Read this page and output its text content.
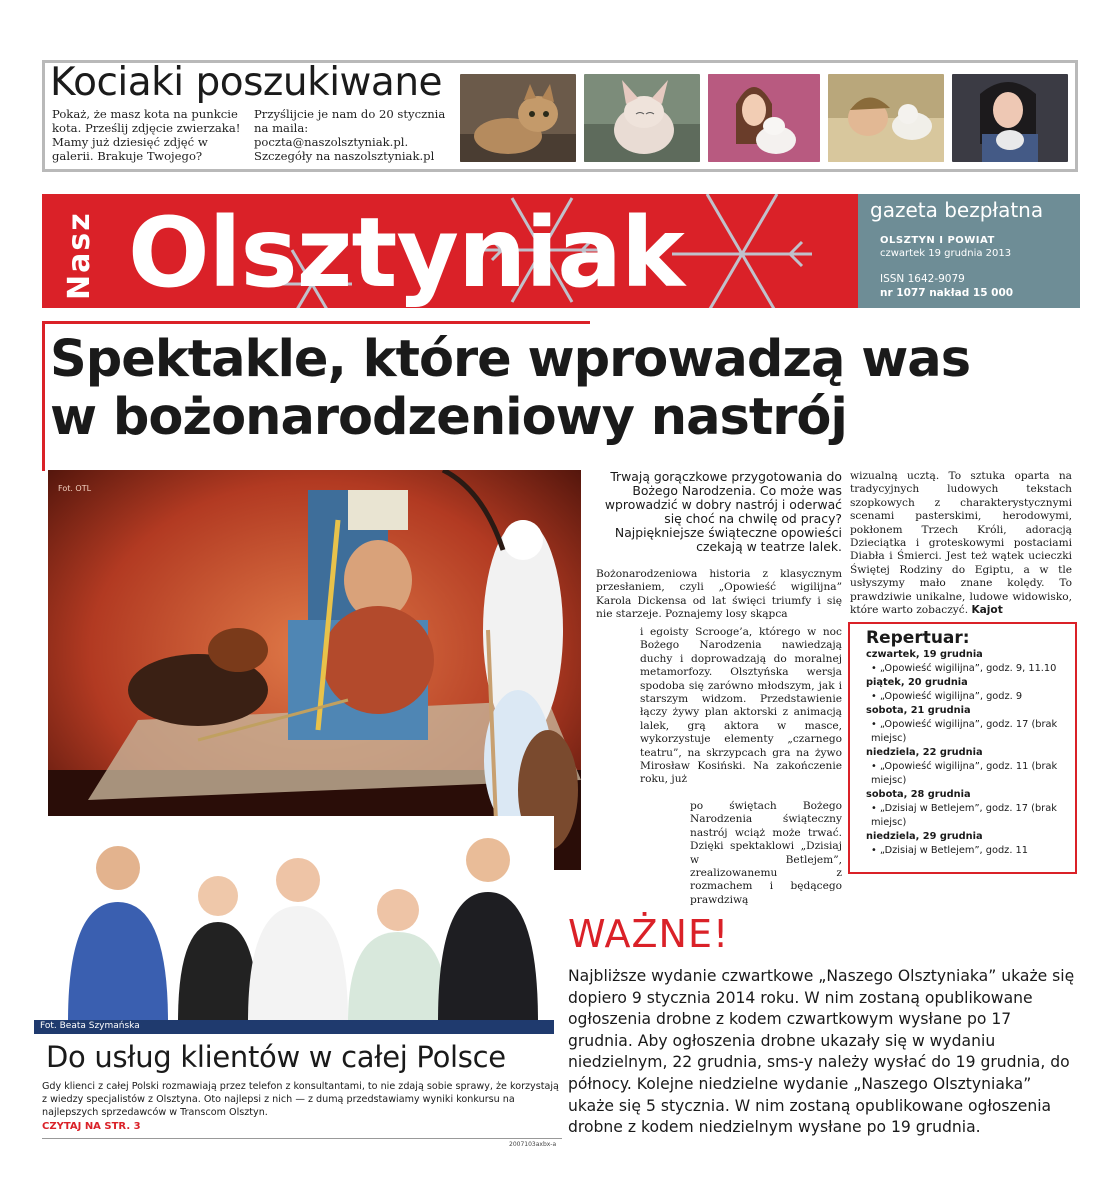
Kociaki poszukiwane
Pokaż, że masz kota na punkcie kota. Prześlij zdjęcie zwierzaka! Mamy już dziesięć zdjęć w galerii. Brakuje Twojego?
Przyślijcie je nam do 20 stycznia na maila: poczta@naszolsztyniak.pl. Szczegóły na naszolsztyniak.pl
Nasz Olsztyniak	gazeta bezpłatna
OLSZTYN I POWIAT
czwartek 19 grudnia 2013
ISSN 1642-9079
nr 1077 nakład 15 000
Spektakle, które wprowadzą was
w bożonarodzeniowy nastrój
Fot. OTL
Trwają gorączkowe przygotowania do Bożego Narodzenia. Co może was wprowadzić w dobry nastrój i oderwać się choć na chwilę od pracy? Najpiękniejsze świąteczne opowieści czekają w teatrze lalek.
Bożonarodzeniowa historia z klasycznym przesłaniem, czyli „Opowieść wigilijna” Karola Dickensa od lat święci triumfy i się nie starzeje. Poznajemy losy skąpca
i egoisty Scrooge’a, którego w noc Bożego Narodzenia nawiedzają duchy i doprowadzają do moralnej metamorfozy. Olsztyńska wersja spodoba się zarówno młodszym, jak i starszym widzom. Przedstawienie łączy żywy plan aktorski z animacją lalek, grą aktora w masce, wykorzystuje elementy „czarnego teatru”, na skrzypcach gra na żywo Mirosław Kosiński. Na zakończenie roku, już
po świętach Bożego Narodzenia świąteczny nastrój wciąż może trwać. Dzięki spektaklowi „Dzisiaj w Betlejem”, zrealizowanemu z rozmachem i będącego prawdziwą
wizualną ucztą. To sztuka oparta na tradycyjnych ludowych tekstach szopkowych z charakterystycznymi scenami pasterskimi, herodowymi, pokłonem Trzech Króli, adoracją Dzieciątka i groteskowymi postaciami Diabła i Śmierci. Jest też wątek ucieczki Świętej Rodziny do Egiptu, a w tle usłyszymy mało znane kolędy. To prawdziwie unikalne, ludowe widowisko, które warto zobaczyć. Kajot
Repertuar:
czwartek, 19 grudnia
• „Opowieść wigilijna”, godz. 9, 11.10
piątek, 20 grudnia
• „Opowieść wigilijna”, godz. 9
sobota, 21 grudnia
• „Opowieść wigilijna”, godz. 17 (brak miejsc)
niedziela, 22 grudnia
• „Opowieść wigilijna”, godz. 11 (brak miejsc)
sobota, 28 grudnia
• „Dzisiaj w Betlejem”, godz. 17 (brak miejsc)
niedziela, 29 grudnia
• „Dzisiaj w Betlejem”, godz. 11
Fot. Beata Szymańska
Do usług klientów w całej Polsce
Gdy klienci z całej Polski rozmawiają przez telefon z konsultantami, to nie zdają sobie sprawy, że korzystają z wiedzy specjalistów z Olsztyna. Oto najlepsi z nich — z dumą przedstawiamy wyniki konkursu na najlepszych sprzedawców w Transcom Olsztyn.
CZYTAJ NA STR. 3
2007103axbx-a
WAŻNE!
Najbliższe wydanie czwartkowe „Naszego Olsztyniaka” ukaże się dopiero 9 stycznia 2014 roku. W nim zostaną opublikowane ogłoszenia drobne z kodem czwartkowym wysłane po 17 grudnia. Aby ogłoszenia drobne ukazały się w wydaniu niedzielnym, 22 grudnia, sms-y należy wysłać do 19 grudnia, do północy. Kolejne niedzielne wydanie „Naszego Olsztyniaka” ukaże się 5 stycznia. W nim zostaną opublikowane ogłoszenia drobne z kodem niedzielnym wysłane po 19 grudnia.
